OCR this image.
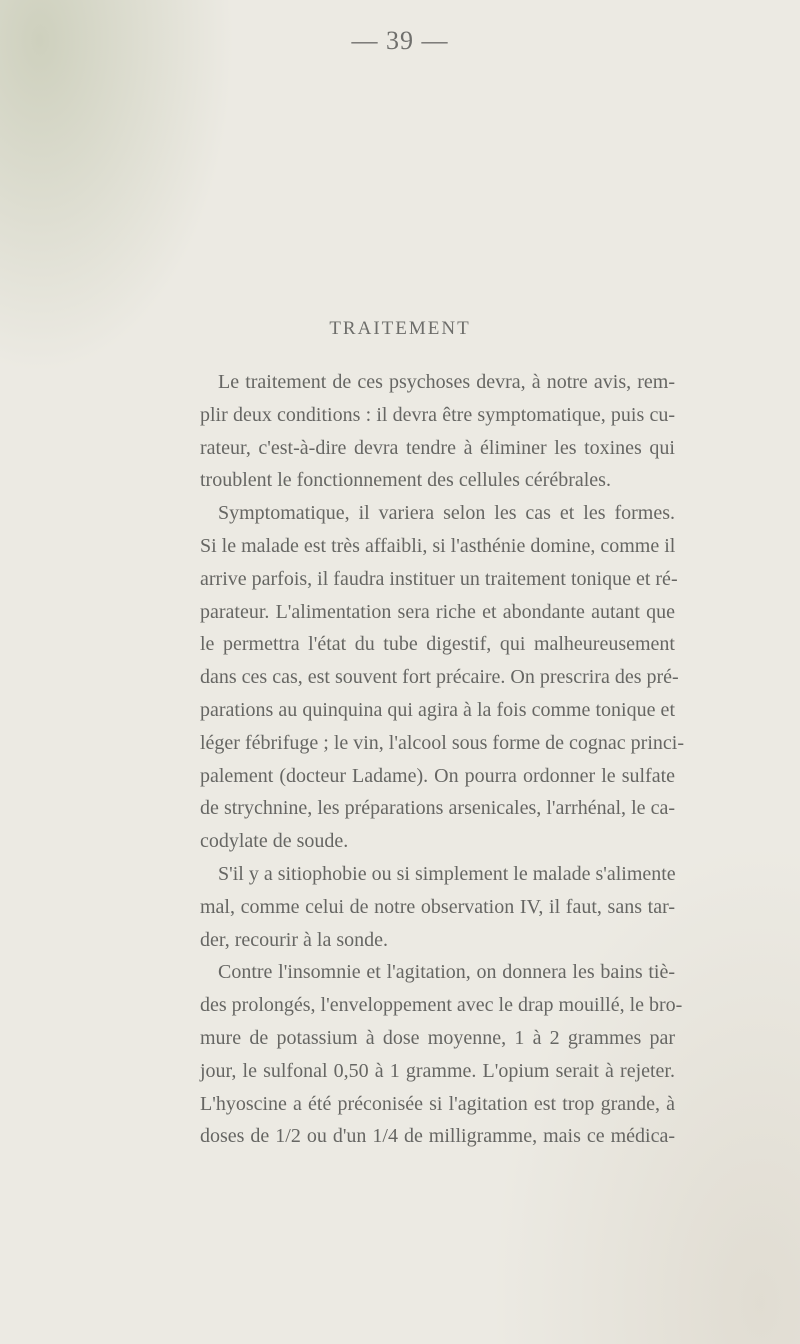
— 39 —
TRAITEMENT
Le traitement de ces psychoses devra, à notre avis, rem-
plir deux conditions : il devra être symptomatique, puis cu-
rateur, c'est-à-dire devra tendre à éliminer les toxines qui
troublent le fonctionnement des cellules cérébrales.
Symptomatique, il variera selon les cas et les formes.
Si le malade est très affaibli, si l'asthénie domine, comme il
arrive parfois, il faudra instituer un traitement tonique et ré-
parateur. L'alimentation sera riche et abondante autant que
le permettra l'état du tube digestif, qui malheureusement
dans ces cas, est souvent fort précaire. On prescrira des pré-
parations au quinquina qui agira à la fois comme tonique et
léger fébrifuge ; le vin, l'alcool sous forme de cognac princi-
palement (docteur Ladame). On pourra ordonner le sulfate
de strychnine, les préparations arsenicales, l'arrhénal, le ca-
codylate de soude.
S'il y a sitiophobie ou si simplement le malade s'alimente
mal, comme celui de notre observation IV, il faut, sans tar-
der, recourir à la sonde.
Contre l'insomnie et l'agitation, on donnera les bains tiè-
des prolongés, l'enveloppement avec le drap mouillé, le bro-
mure de potassium à dose moyenne, 1 à 2 grammes par
jour, le sulfonal 0,50 à 1 gramme. L'opium serait à rejeter.
L'hyoscine a été préconisée si l'agitation est trop grande, à
doses de 1/2 ou d'un 1/4 de milligramme, mais ce médica-
